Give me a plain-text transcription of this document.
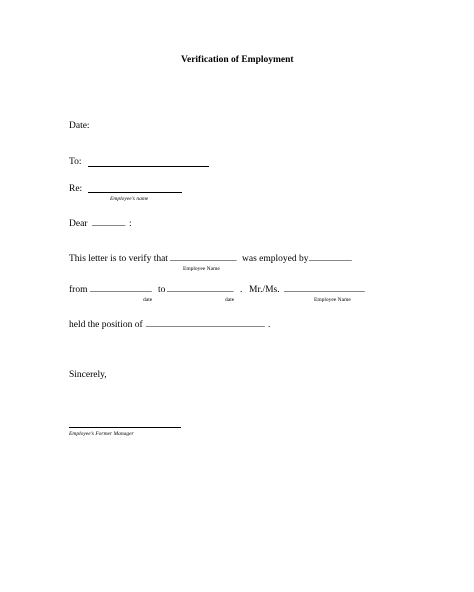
Verification of Employment
Date:
To:
Re:
Employee’s name
Dear _______ :
This letter is to verify that ______________ was employed by _________
Employee Name
from _____________ to ______________ . Mr./Ms. _________________
date	date	Employee Name
held the position of _________________________ .
Sincerely,
Employee’s Former Manager
